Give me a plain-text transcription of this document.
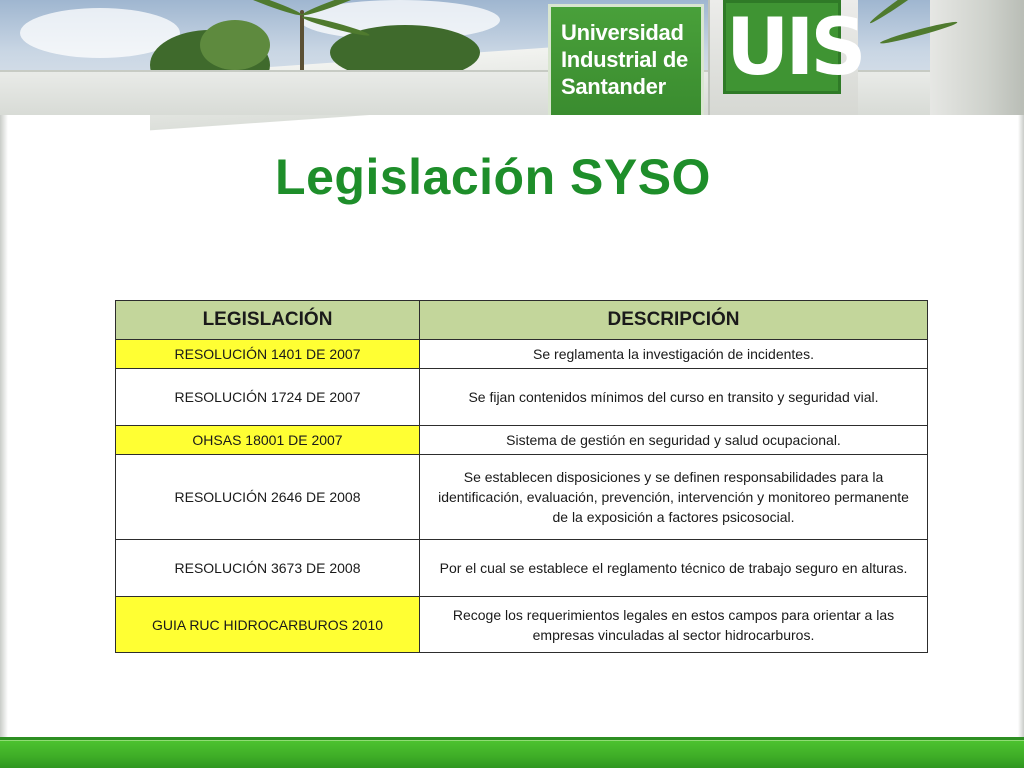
Universidad
Industrial de
Santander UIS
Legislación SYSO
LEGISLACIÓN	DESCRIPCIÓN
RESOLUCIÓN 1401 DE 2007	Se reglamenta la investigación de incidentes.
RESOLUCIÓN 1724 DE 2007	Se fijan contenidos mínimos del curso en transito y seguridad vial.
OHSAS 18001 DE 2007	Sistema de gestión en seguridad y salud ocupacional.
RESOLUCIÓN 2646 DE 2008	Se establecen disposiciones y se definen responsabilidades para la identificación, evaluación, prevención, intervención y monitoreo permanente de la exposición a factores psicosocial.
RESOLUCIÓN 3673 DE 2008	Por el cual se establece el reglamento técnico de trabajo seguro en alturas.
GUIA RUC HIDROCARBUROS 2010	Recoge los requerimientos legales en estos campos para orientar a las empresas vinculadas al sector hidrocarburos.
